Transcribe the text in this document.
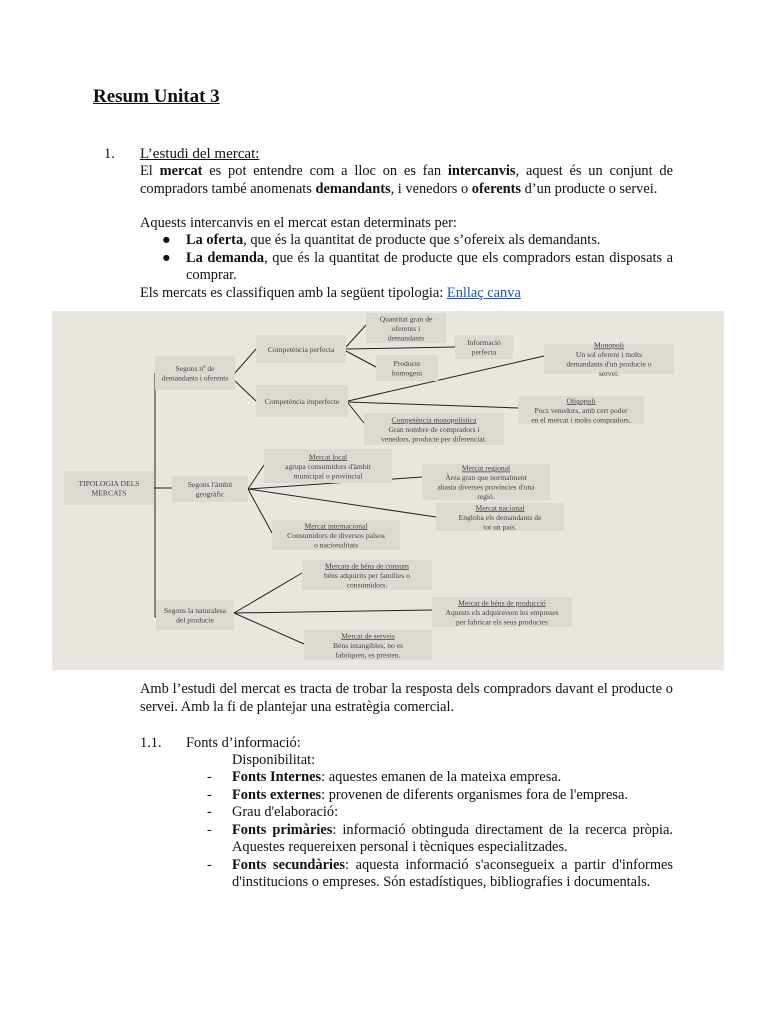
Resum Unitat 3
1. L’estudi del mercat:

El mercat es pot entendre com a lloc on es fan intercanvis, aquest és un conjunt de compradors també anomenats demandants, i venedors o oferents d’un producte o servei.

Aquests intercanvis en el mercat estan determinats per:

● La oferta, que és la quantitat de producte que s’ofereix als demandants.
● La demanda, que és la quantitat de producte que els compradors estan disposats a comprar.

Els mercats es classifiquen amb la següent tipologia: Enllaç canva

TIPOLOGIA DELS
MERCATS
Segons nº de
demandants i oferents
Segons l'àmbit
geogràfic
Segons la naturalesa
del producte
Competència perfecta
Competència imperfecte
Quantitat gran de
oferents i
demandants
Informació
perfecta
Producte
homogeni
Monopoli
Un sol oferent i molts
demandants d'un producte o
servei.
Oligopoli
Pocs venedors, amb cert poder
en el mercat i molts compradors.
Competència monopolística
Gran nombre de compradors i
venedors, producte per diferenciat.
Mercat local
agrupa consumidors d'àmbit
municipal o provincial
Mercat regional
Àrea gran que normalment
abasta diverses províncies d'una
regió.
Mercat nacional
Engloba els demandants de
tot un país.
Mercat internacional
Consumidors de diversos països
o nacionalitats
Mercats de béns de consum
béns adquirits per famílies o
consumidors.
Mercat de béns de producció
Aquests els adquireixen les empreses
per fabricar els seus productes
Mercat de serveis
Béns intangibles, no es
fabriquen, es presten.

Amb l’estudi del mercat es tracta de trobar la resposta dels compradors davant el producte o servei. Amb la fi de plantejar una estratègia comercial.

1.1. Fonts d’informació:
Disponibilitat:
- Fonts Internes: aquestes emanen de la mateixa empresa.
- Fonts externes: provenen de diferents organismes fora de l'empresa.
- Grau d'elaboració:
- Fonts primàries: informació obtinguda directament de la recerca pròpia. Aquestes requereixen personal i tècniques especialitzades.
- Fonts secundàries: aquesta informació s'aconsegueix a partir d'informes d'institucions o empreses. Són estadístiques, bibliografies i documentals.
